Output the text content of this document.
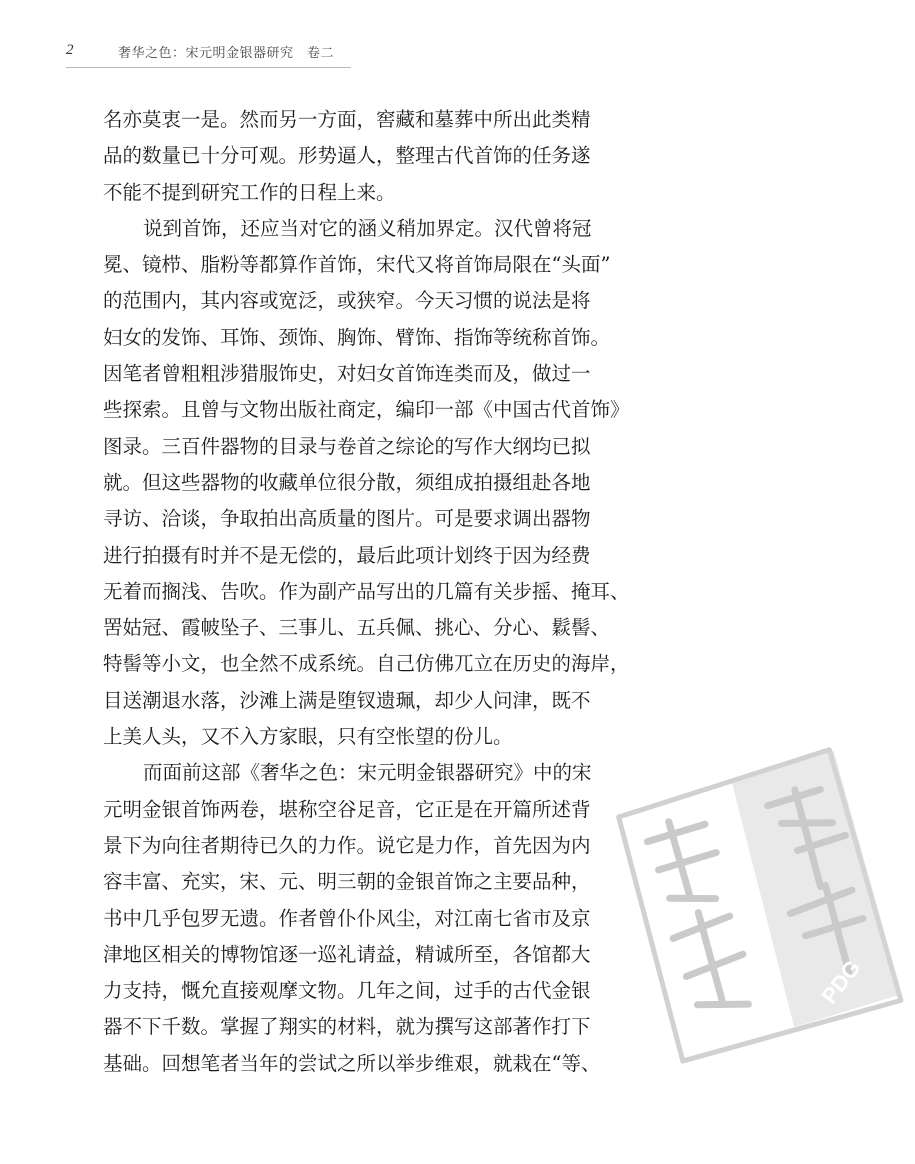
2	奢华之色：宋元明金银器研究　卷二
名亦莫衷一是。然而另一方面，窖藏和墓葬中所出此类精
品的数量已十分可观。形势逼人，整理古代首饰的任务遂
不能不提到研究工作的日程上来。
说到首饰，还应当对它的涵义稍加界定。汉代曾将冠
冕、镜栉、脂粉等都算作首饰，宋代又将首饰局限在“头面”
的范围内，其内容或宽泛，或狭窄。今天习惯的说法是将
妇女的发饰、耳饰、颈饰、胸饰、臂饰、指饰等统称首饰。
因笔者曾粗粗涉猎服饰史，对妇女首饰连类而及，做过一
些探索。且曾与文物出版社商定，编印一部《中国古代首饰》
图录。三百件器物的目录与卷首之综论的写作大纲均已拟
就。但这些器物的收藏单位很分散，须组成拍摄组赴各地
寻访、洽谈，争取拍出高质量的图片。可是要求调出器物
进行拍摄有时并不是无偿的，最后此项计划终于因为经费
无着而搁浅、告吹。作为副产品写出的几篇有关步摇、掩耳、
罟姑冠、霞帔坠子、三事儿、五兵佩、挑心、分心、鬏髻、
特髻等小文，也全然不成系统。自己仿佛兀立在历史的海岸，
目送潮退水落，沙滩上满是堕钗遗珮，却少人问津，既不
上美人头，又不入方家眼，只有空怅望的份儿。
而面前这部《奢华之色：宋元明金银器研究》中的宋
元明金银首饰两卷，堪称空谷足音，它正是在开篇所述背
景下为向往者期待已久的力作。说它是力作，首先因为内
容丰富、充实，宋、元、明三朝的金银首饰之主要品种，
书中几乎包罗无遗。作者曾仆仆风尘，对江南七省市及京
津地区相关的博物馆逐一巡礼请益，精诚所至，各馆都大
力支持，慨允直接观摩文物。几年之间，过手的古代金银
器不下千数。掌握了翔实的材料，就为撰写这部著作打下
基础。回想笔者当年的尝试之所以举步维艰，就栽在“等、
PDG
